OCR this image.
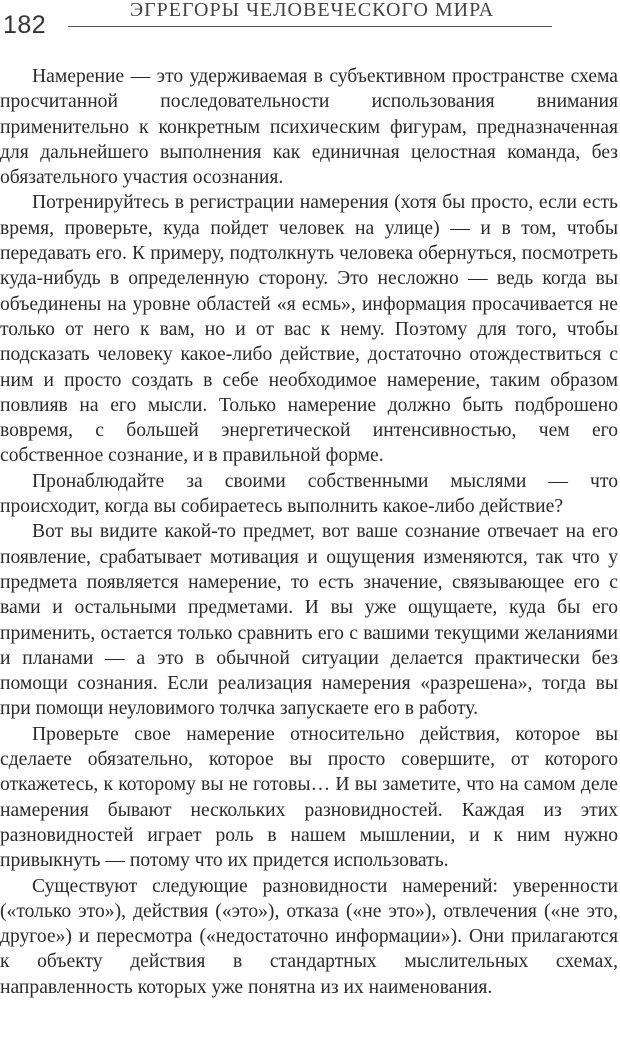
182
ЭГРЕГОРЫ ЧЕЛОВЕЧЕСКОГО МИРА

Намерение — это удерживаемая в субъективном пространстве схема просчитанной последовательности использования внимания применительно к конкретным психическим фигурам, предназначенная для дальнейшего выполнения как единичная целостная команда, без обязательного участия осознания.

Потренируйтесь в регистрации намерения (хотя бы просто, если есть время, проверьте, куда пойдет человек на улице) — и в том, чтобы передавать его. К примеру, подтолкнуть человека обернуться, посмотреть куда-нибудь в определенную сторону. Это несложно — ведь когда вы объединены на уровне областей «я есмь», информация просачивается не только от него к вам, но и от вас к нему. Поэтому для того, чтобы подсказать человеку какое-либо действие, достаточно отождествиться с ним и просто создать в себе необходимое намерение, таким образом повлияв на его мысли. Только намерение должно быть подброшено вовремя, с большей энергетической интенсивностью, чем его собственное сознание, и в правильной форме.

Пронаблюдайте за своими собственными мыслями — что происходит, когда вы собираетесь выполнить какое-либо действие?

Вот вы видите какой-то предмет, вот ваше сознание отвечает на его появление, срабатывает мотивация и ощущения изменяются, так что у предмета появляется намерение, то есть значение, связывающее его с вами и остальными предметами. И вы уже ощущаете, куда бы его применить, остается только сравнить его с вашими текущими желаниями и планами — а это в обычной ситуации делается практически без помощи сознания. Если реализация намерения «разрешена», тогда вы при помощи неуловимого толчка запускаете его в работу.

Проверьте свое намерение относительно действия, которое вы сделаете обязательно, которое вы просто совершите, от которого откажетесь, к которому вы не готовы… И вы заметите, что на самом деле намерения бывают нескольких разновидностей. Каждая из этих разновидностей играет роль в нашем мышлении, и к ним нужно привыкнуть — потому что их придется использовать.

Существуют следующие разновидности намерений: уверенности («только это»), действия («это»), отказа («не это»), отвлечения («не это, другое») и пересмотра («недостаточно информации»). Они прилагаются к объекту действия в стандартных мыслительных схемах, направленность которых уже понятна из их наименования.
